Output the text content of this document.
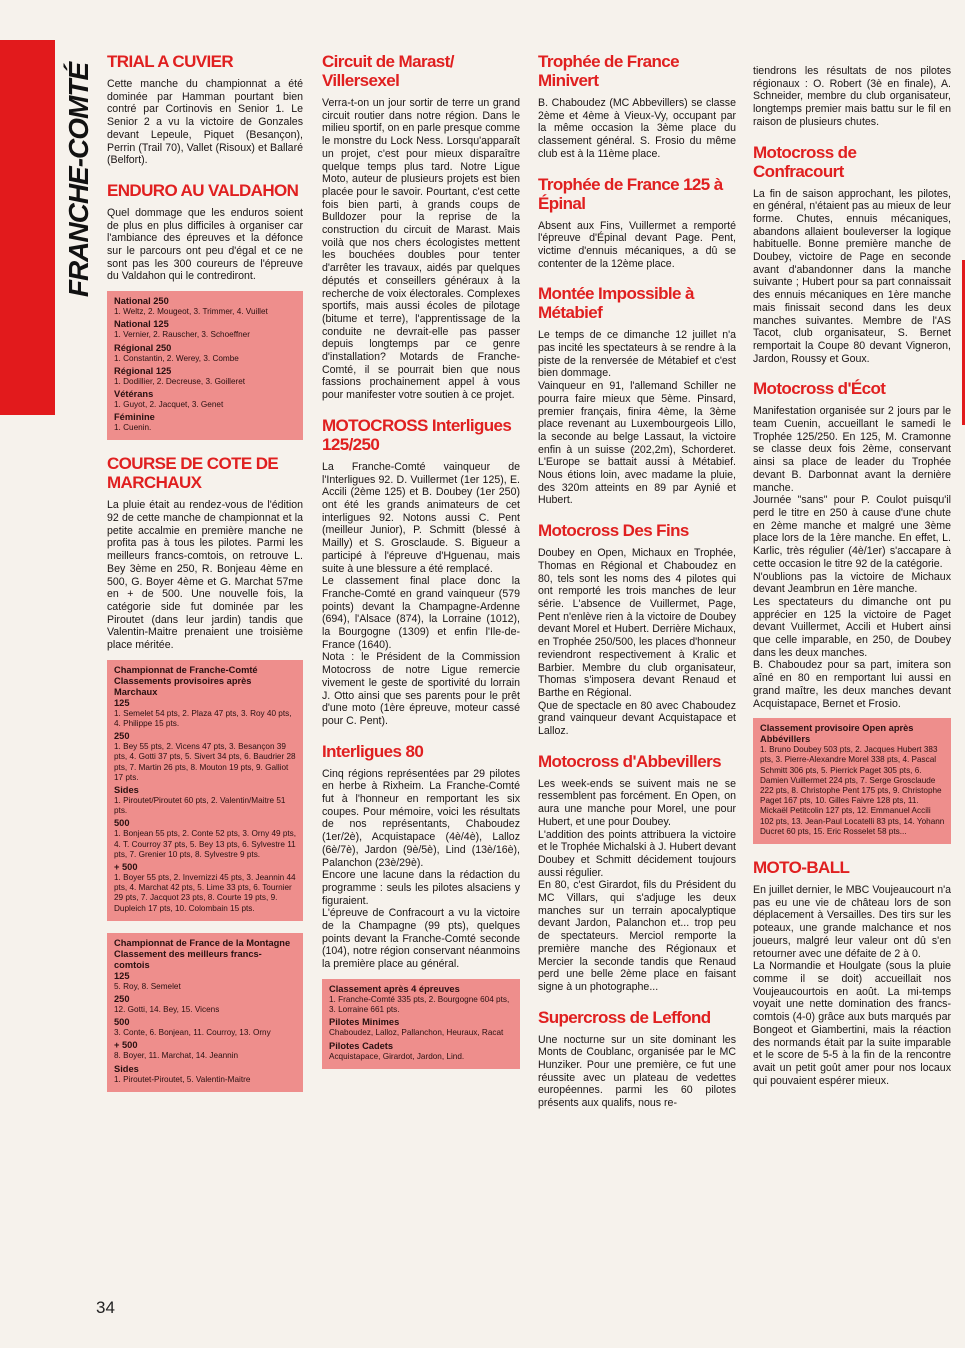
FRANCHE-COMTÉ
TRIAL A CUVIER

Cette manche du championnat a été dominée par Hamman pourtant bien contré par Cortinovis en Senior 1. Le Senior 2 a vu la victoire de Gonzales devant Lepeule, Piquet (Besançon), Perrin (Trail 70), Vallet (Risoux) et Ballaré (Belfort).

ENDURO AU VALDAHON

Quel dommage que les enduros soient de plus en plus difficiles à organiser car l'ambiance des épreuves et la défonce sur le parcours ont peu d'égal et ce ne sont pas les 300 coureurs de l'épreuve du Valdahon qui le contrediront.

National 250
1. Weltz, 2. Mougeot, 3. Trimmer, 4. Vuillet
National 125
1. Vernier, 2. Rauscher, 3. Schoeffner
Régional 250
1. Constantin, 2. Werey, 3. Combe
Régional 125
1. Dodillier, 2. Decreuse, 3. Goilleret
Vétérans
1. Guyot, 2. Jacquet, 3. Genet
Féminine
1. Cuenin.
COURSE DE COTE DE MARCHAUX

La pluie était au rendez-vous de l'édition 92 de cette manche de championnat et la petite accalmie en première manche ne profita pas à tous les pilotes. Parmi les meilleurs francs-comtois, on retrouve L. Bey 3ème en 250, R. Bonjeau 4ème en 500, G. Boyer 4ème et G. Marchat 57me en + de 500. Une nouvelle fois, la catégorie side fut dominée par les Piroutet (dans leur jardin) tandis que Valentin-Maitre prenaient une troisième place méritée.

Championnat de Franche-Comté Classements provisoires après Marchaux
125
1. Semelet 54 pts, 2. Plaza 47 pts, 3. Roy 40 pts, 4. Philippe 15 pts.
250
1. Bey 55 pts, 2. Vicens 47 pts, 3. Besançon 39 pts, 4. Gotti 37 pts, 5. Sivert 34 pts, 6. Baudrier 28 pts, 7. Martin 26 pts, 8. Mouton 19 pts, 9. Galliot 17 pts.
Sides
1. Piroutet/Piroutet 60 pts, 2. Valentin/Maitre 51 pts.
500
1. Bonjean 55 pts, 2. Conte 52 pts, 3. Orny 49 pts, 4. T. Courroy 37 pts, 5. Bey 13 pts, 6. Sylvestre 11 pts, 7. Grenier 10 pts, 8. Sylvestre 9 pts.
+ 500
1. Boyer 55 pts, 2. Invernizzi 45 pts, 3. Jeannin 44 pts, 4. Marchat 42 pts, 5. Lime 33 pts, 6. Tournier 29 pts, 7. Jacquot 23 pts, 8. Courte 19 pts, 9. Dupleich 17 pts, 10. Colombain 15 pts.
Championnat de France de la Montagne Classement des meilleurs francs-comtois
125
5. Roy, 8. Semelet
250
12. Gotti, 14. Bey, 15. Vicens
500
3. Conte, 6. Bonjean, 11. Courroy, 13. Orny
+ 500
8. Boyer, 11. Marchat, 14. Jeannin
Sides
1. Piroutet-Piroutet, 5. Valentin-Maitre
Circuit de Marast/ Villersexel

Verra-t-on un jour sortir de terre un grand circuit routier dans notre région. Dans le milieu sportif, on en parle presque comme le monstre du Lock Ness. Lorsqu'apparaît un projet, c'est pour mieux disparaître quelque temps plus tard. Notre Ligue Moto, auteur de plusieurs projets est bien placée pour le savoir. Pourtant, c'est cette fois bien parti, à grands coups de Bulldozer pour la reprise de la construction du circuit de Marast. Mais voilà que nos chers écologistes mettent les bouchées doubles pour tenter d'arrêter les travaux, aidés par quelques députés et conseillers généraux à la recherche de voix électorales. Complexes sportifs, mais aussi écoles de pilotage (bitume et terre), l'apprentissage de la conduite ne devrait-elle pas passer depuis longtemps par ce genre d'installation? Motards de Franche-Comté, il se pourrait bien que nous fassions prochainement appel à vous pour manifester votre soutien à ce projet.

MOTOCROSS Interligues 125/250

La Franche-Comté vainqueur de l'Interligues 92. D. Vuillermet (1er 125), E. Accili (2ème 125) et B. Doubey (1er 250) ont été les grands animateurs de cet interligues 92. Notons aussi C. Pent (meilleur Junior), P. Schmitt (blessé à Mailly) et S. Grosclaude. S. Bigueur a participé à l'épreuve d'Hguenau, mais suite à une blessure a été remplacé.
Le classement final place donc la Franche-Comté en grand vainqueur (579 points) devant la Champagne-Ardenne (694), l'Alsace (874), la Lorraine (1012), la Bourgogne (1309) et enfin l'Ile-de-France (1640).
Nota : le Président de la Commission Motocross de notre Ligue remercie vivement le geste de sportivité du lorrain J. Otto ainsi que ses parents pour le prêt d'une moto (1ère épreuve, moteur cassé pour C. Pent).

Interligues 80

Cinq régions représentées par 29 pilotes en herbe à Rixheim. La Franche-Comté fut à l'honneur en remportant les six coupes. Pour mémoire, voici les résultats de nos représentants, Chaboudez (1er/2è), Acquistapace (4è/4è), Lalloz (6è/7è), Jardon (9è/5è), Lind (13è/16è), Palanchon (23è/29è).
Encore une lacune dans la rédaction du programme : seuls les pilotes alsaciens y figuraient.
L'épreuve de Confracourt a vu la victoire de la Champagne (99 pts), quelques points devant la Franche-Comté seconde (104), notre région conservant néanmoins la première place au général.

Classement après 4 épreuves
1. Franche-Comté 335 pts, 2. Bourgogne 604 pts, 3. Lorraine 661 pts.
Pilotes Minimes
Chaboudez, Lalloz, Pallanchon, Heuraux, Racat
Pilotes Cadets
Acquistapace, Girardot, Jardon, Lind.
Trophée de France Minivert

B. Chaboudez (MC Abbevillers) se classe 2ème et 4ème à Vieux-Vy, occupant par la même occasion la 3ème place du classement général. S. Frosio du même club est à la 11ème place.

Trophée de France 125 à Épinal

Absent aux Fins, Vuillermet a remporté l'épreuve d'Épinal devant Page. Pent, victime d'ennuis mécaniques, a dû se contenter de la 12ème place.

Montée Impossible à Métabief

Le temps de ce dimanche 12 juillet n'a pas incité les spectateurs à se rendre à la piste de la renversée de Métabief et c'est bien dommage.
Vainqueur en 91, l'allemand Schiller ne pourra faire mieux que 5ème. Pinsard, premier français, finira 4ème, la 3ème place revenant au Luxembourgeois Lillo, la seconde au belge Lassaut, la victoire enfin à un suisse (202,2m), Schorderet. L'Europe se battait aussi à Métabief. Nous étions loin, avec madame la pluie, des 320m atteints en 89 par Aynié et Hubert.

Motocross Des Fins

Doubey en Open, Michaux en Trophée, Thomas en Régional et Chaboudez en 80, tels sont les noms des 4 pilotes qui ont remporté les trois manches de leur série. L'absence de Vuillermet, Page, Pent n'enlève rien à la victoire de Doubey devant Morel et Hubert. Derrière Michaux, en Trophée 250/500, les places d'honneur reviendront respectivement à Kralic et Barbier. Membre du club organisateur, Thomas s'imposera devant Renaud et Barthe en Régional.
Que de spectacle en 80 avec Chaboudez grand vainqueur devant Acquistapace et Lalloz.

Motocross d'Abbevillers

Les week-ends se suivent mais ne se ressemblent pas forcément. En Open, on aura une manche pour Morel, une pour Hubert, et une pour Doubey.
L'addition des points attribuera la victoire et le Trophée Michalski à J. Hubert devant Doubey et Schmitt décidement toujours aussi régulier.
En 80, c'est Girardot, fils du Président du MC Villars, qui s'adjuge les deux manches sur un terrain apocalyptique devant Jardon, Palanchon et... trop peu de spectateurs. Merciol remporte la première manche des Régionaux et Mercier la seconde tandis que Renaud perd une belle 2ème place en faisant signe à un photographe...

Supercross de Leffond

Une nocturne sur un site dominant les Monts de Coublanc, organisée par le MC Hunziker. Pour une première, ce fut une réussite avec un plateau de vedettes européennes. parmi les 60 pilotes présents aux qualifs, nous re-

tiendrons les résultats de nos pilotes régionaux : O. Robert (3è en finale), A. Schneider, membre du club organisateur, longtemps premier mais battu sur le fil en raison de plusieurs chutes.

Motocross de Confracourt

La fin de saison approchant, les pilotes, en général, n'étaient pas au mieux de leur forme. Chutes, ennuis mécaniques, abandons allaient bouleverser la logique habituelle. Bonne première manche de Doubey, victoire de Page en seconde avant d'abandonner dans la manche suivante ; Hubert pour sa part connaissait des ennuis mécaniques en 1ère manche mais finissait second dans les deux manches suivantes. Membre de l'AS Tacot, club organisateur, S. Bernet remportait la Coupe 80 devant Vigneron, Jardon, Roussy et Goux.

Motocross d'Écot

Manifestation organisée sur 2 jours par le team Cuenin, accueillant le samedi le Trophée 125/250. En 125, M. Cramonne se classe deux fois 2ème, conservant ainsi sa place de leader du Trophée devant B. Darbonnat avant la dernière manche.
Journée "sans" pour P. Coulot puisqu'il perd le titre en 250 à cause d'une chute en 2ème manche et malgré une 3ème place lors de la 1ère manche. En effet, L. Karlic, très régulier (4è/1er) s'accapare à cette occasion le titre 92 de la catégorie.
N'oublions pas la victoire de Michaux devant Jeambrun en 1ère manche.
Les spectateurs du dimanche ont pu apprécier en 125 la victoire de Paget devant Vuillermet, Accili et Hubert ainsi que celle imparable, en 250, de Doubey dans les deux manches.
B. Chaboudez pour sa part, imitera son aîné en 80 en remportant lui aussi en grand maître, les deux manches devant Acquistapace, Bernet et Frosio.

Classement provisoire Open après Abbévillers
1. Bruno Doubey 503 pts, 2. Jacques Hubert 383 pts, 3. Pierre-Alexandre Morel 338 pts, 4. Pascal Schmitt 306 pts, 5. Pierrick Paget 305 pts, 6. Damien Vuillermet 224 pts, 7. Serge Grosclaude 222 pts, 8. Christophe Pent 175 pts, 9. Christophe Paget 167 pts, 10. Gilles Faivre 128 pts, 11. Mickaël Petitcolin 127 pts, 12. Emmanuel Accili 102 pts, 13. Jean-Paul Locatelli 83 pts, 14. Yohann Ducret 60 pts, 15. Eric Rosselet 58 pts...
MOTO-BALL

En juillet dernier, le MBC Voujeaucourt n'a pas eu une vie de château lors de son déplacement à Versailles. Des tirs sur les poteaux, une grande malchance et nos joueurs, malgré leur valeur ont dû s'en retourner avec une défaite de 2 à 0.
La Normandie et Houlgate (sous la pluie comme il se doit) accueillait nos Voujeaucourtois en août. La mi-temps voyait une nette domination des francs-comtois (4-0) grâce aux buts marqués par Bongeot et Giambertini, mais la réaction des normands était par la suite imparable et le score de 5-5 à la fin de la rencontre avait un petit goût amer pour nos locaux qui pouvaient espérer mieux.

34
